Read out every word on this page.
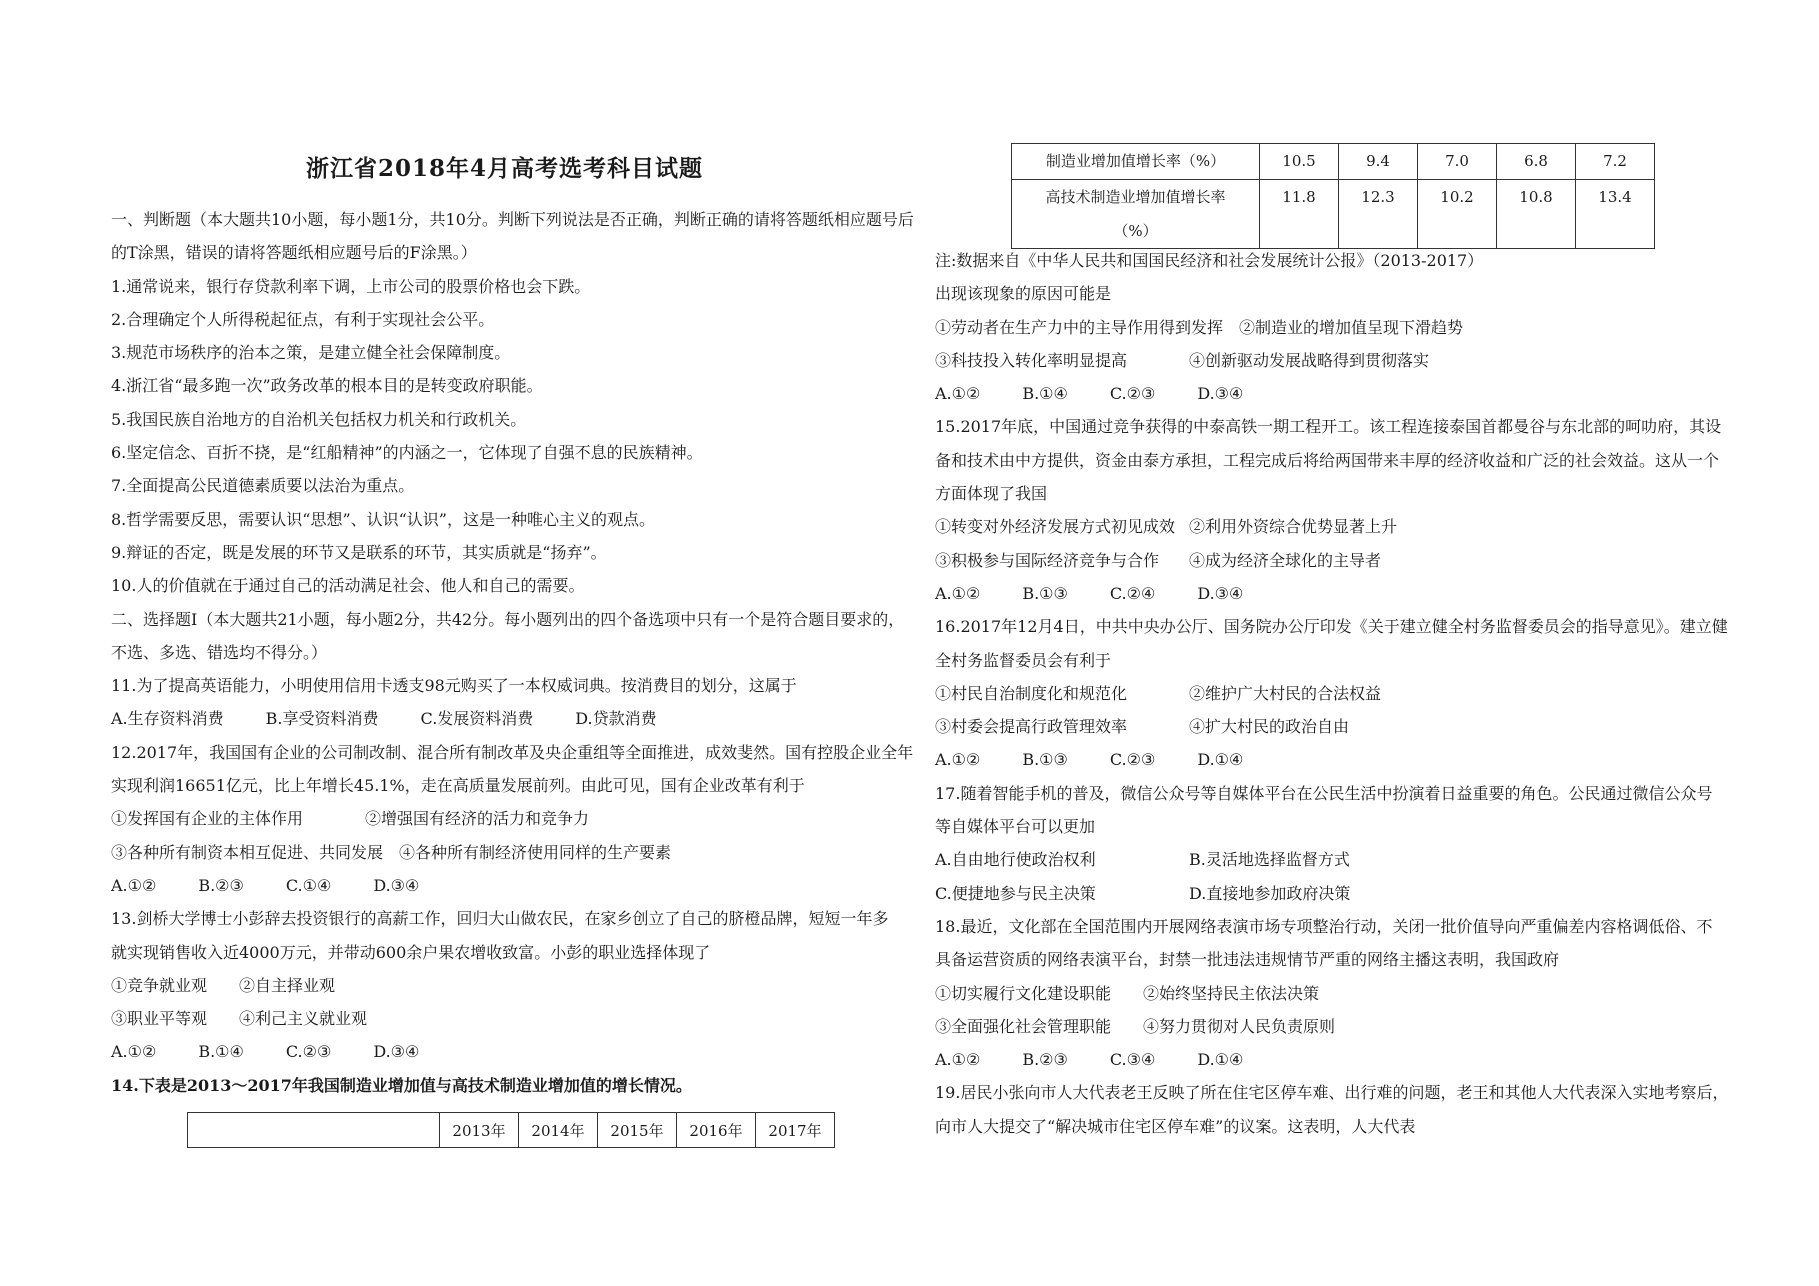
浙江省2018年4月高考选考科目试题
一、判断题（本大题共10小题，每小题1分，共10分。判断下列说法是否正确，判断正确的请将答题纸相应题号后
的T涂黑，错误的请将答题纸相应题号后的F涂黑。）
1.通常说来，银行存贷款利率下调，上市公司的股票价格也会下跌。
2.合理确定个人所得税起征点，有利于实现社会公平。
3.规范市场秩序的治本之策，是建立健全社会保障制度。
4.浙江省“最多跑一次”政务改革的根本目的是转变政府职能。
5.我国民族自治地方的自治机关包括权力机关和行政机关。
6.坚定信念、百折不挠，是“红船精神”的内涵之一，它体现了自强不息的民族精神。
7.全面提高公民道德素质要以法治为重点。
8.哲学需要反思，需要认识“思想”、认识“认识”，这是一种唯心主义的观点。
9.辩证的否定，既是发展的环节又是联系的环节，其实质就是“扬弃”。
10.人的价值就在于通过自己的活动满足社会、他人和自己的需要。
二、选择题Ⅰ（本大题共21小题，每小题2分，共42分。每小题列出的四个备选项中只有一个是符合题目要求的，
不选、多选、错选均不得分。）
11.为了提高英语能力，小明使用信用卡透支98元购买了一本权威词典。按消费目的划分，这属于
A.生存资料消费	B.享受资料消费	C.发展资料消费	D.贷款消费
12.2017年，我国国有企业的公司制改制、混合所有制改革及央企重组等全面推进，成效斐然。国有控股企业全年
实现利润16651亿元，比上年增长45.1%，走在高质量发展前列。由此可见，国有企业改革有利于
①发挥国有企业的主体作用	②增强国有经济的活力和竞争力
③各种所有制资本相互促进、共同发展　④各种所有制经济使用同样的生产要素
A.①②	B.②③	C.①④	D.③④
13.剑桥大学博士小彭辞去投资银行的高薪工作，回归大山做农民，在家乡创立了自己的脐橙品牌，短短一年多
就实现销售收入近4000万元，并带动600余户果农增收致富。小彭的职业选择体现了
①竞争就业观　　②自主择业观
③职业平等观　　④利己主义就业观
A.①②	B.①④	C.②③	D.③④
14.下表是2013～2017年我国制造业增加值与高技术制造业增加值的增长情况。
	2013年	2014年	2015年	2016年	2017年
制造业增加值增长率（%）	10.5	9.4	7.0	6.8	7.2

高技术制造业增加值增长率
（%）	11.8	12.3	10.2	10.8	13.4
注:数据来自《中华人民共和国国民经济和社会发展统计公报》（2013-2017）
出现该现象的原因可能是
①劳动者在生产力中的主导作用得到发挥　②制造业的增加值呈现下滑趋势
③科技投入转化率明显提高	④创新驱动发展战略得到贯彻落实
A.①②	B.①④	C.②③	D.③④
15.2017年底，中国通过竞争获得的中泰高铁一期工程开工。该工程连接泰国首都曼谷与东北部的呵叻府，其设
备和技术由中方提供，资金由泰方承担，工程完成后将给两国带来丰厚的经济收益和广泛的社会效益。这从一个
方面体现了我国
①转变对外经济发展方式初见成效 ②利用外资综合优势显著上升
③积极参与国际经济竞争与合作 ④成为经济全球化的主导者
A.①②	B.①③	C.②④	D.③④
16.2017年12月4日，中共中央办公厅、国务院办公厅印发《关于建立健全村务监督委员会的指导意见》。建立健
全村务监督委员会有利于
①村民自治制度化和规范化	②维护广大村民的合法权益
③村委会提高行政管理效率	④扩大村民的政治自由
A.①②	B.①③	C.②③	D.①④
17.随着智能手机的普及，微信公众号等自媒体平台在公民生活中扮演着日益重要的角色。公民通过微信公众号
等自媒体平台可以更加
A.自由地行使政治权利	B.灵活地选择监督方式
C.便捷地参与民主决策	D.直接地参加政府决策
18.最近，文化部在全国范围内开展网络表演市场专项整治行动，关闭一批价值导向严重偏差内容格调低俗、不
具备运营资质的网络表演平台，封禁一批违法违规情节严重的网络主播这表明，我国政府
①切实履行文化建设职能　　②始终坚持民主依法决策
③全面强化社会管理职能　　④努力贯彻对人民负责原则
A.①②	B.②③	C.③④	D.①④
19.居民小张向市人大代表老王反映了所在住宅区停车难、出行难的问题，老王和其他人大代表深入实地考察后，
向市人大提交了“解决城市住宅区停车难”的议案。这表明，人大代表
